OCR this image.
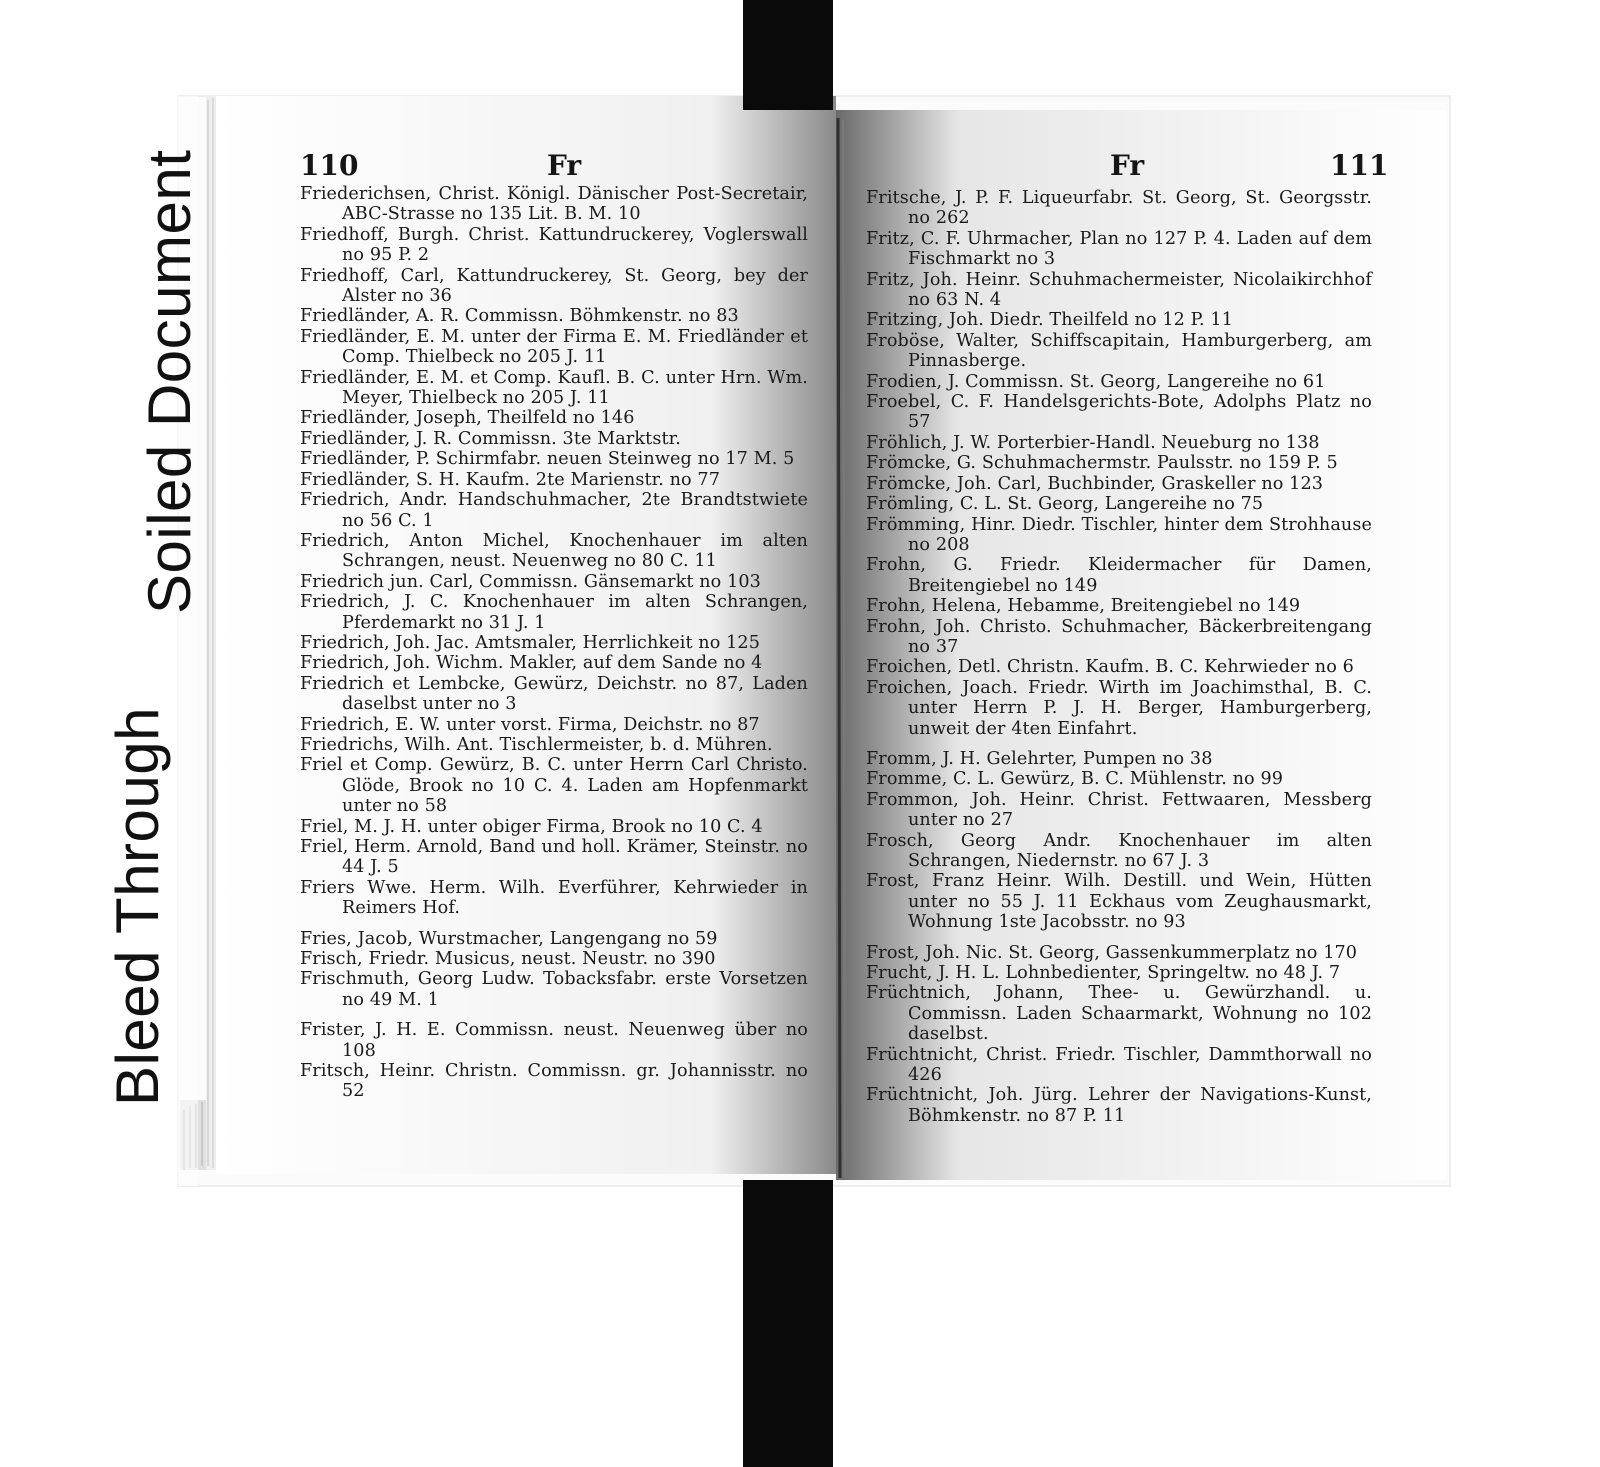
Bleed Through
Soiled Document	110	Fr	Fr	111
Friederichsen, Christ. Königl. Dänischer Post-Secretair, ABC-Strasse no 135 Lit. B. M. 10
Friedhoff, Burgh. Christ. Kattundruckerey, Voglerswall no 95 P. 2
Friedhoff, Carl, Kattundruckerey, St. Georg, bey der Alster no 36
Friedländer, A. R. Commissn. Böhmkenstr. no 83
Friedländer, E. M. unter der Firma E. M. Friedländer et Comp. Thielbeck no 205 J. 11
Friedländer, E. M. et Comp. Kaufl. B. C. unter Hrn. Wm. Meyer, Thielbeck no 205 J. 11
Friedländer, Joseph, Theilfeld no 146
Friedländer, J. R. Commissn. 3te Marktstr.
Friedländer, P. Schirmfabr. neuen Steinweg no 17 M. 5
Friedländer, S. H. Kaufm. 2te Marienstr. no 77
Friedrich, Andr. Handschuhmacher, 2te Brandtstwiete no 56 C. 1
Friedrich, Anton Michel, Knochenhauer im alten Schrangen, neust. Neuenweg no 80 C. 11
Friedrich jun. Carl, Commissn. Gänsemarkt no 103
Friedrich, J. C. Knochenhauer im alten Schrangen, Pferdemarkt no 31 J. 1
Friedrich, Joh. Jac. Amtsmaler, Herrlichkeit no 125
Friedrich, Joh. Wichm. Makler, auf dem Sande no 4
Friedrich et Lembcke, Gewürz, Deichstr. no 87, Laden daselbst unter no 3
Friedrich, E. W. unter vorst. Firma, Deichstr. no 87
Friedrichs, Wilh. Ant. Tischlermeister, b. d. Mühren.
Friel et Comp. Gewürz, B. C. unter Herrn Carl Christo. Glöde, Brook no 10 C. 4. Laden am Hopfenmarkt unter no 58
Friel, M. J. H. unter obiger Firma, Brook no 10 C. 4
Friel, Herm. Arnold, Band und holl. Krämer, Steinstr. no 44 J. 5
Friers Wwe. Herm. Wilh. Everführer, Kehrwieder in Reimers Hof.
Fries, Jacob, Wurstmacher, Langengang no 59
Frisch, Friedr. Musicus, neust. Neustr. no 390
Frischmuth, Georg Ludw. Tobacksfabr. erste Vorsetzen no 49 M. 1
Frister, J. H. E. Commissn. neust. Neuenweg über no 108
Fritsch, Heinr. Christn. Commissn. gr. Johannisstr. no 52
Fritsche, J. P. F. Liqueurfabr. St. Georg, St. Georgsstr. no 262
Fritz, C. F. Uhrmacher, Plan no 127 P. 4. Laden auf dem Fischmarkt no 3
Fritz, Joh. Heinr. Schuhmachermeister, Nicolaikirchhof no 63 N. 4
Fritzing, Joh. Diedr. Theilfeld no 12 P. 11
Froböse, Walter, Schiffscapitain, Hamburgerberg, am Pinnasberge.
Frodien, J. Commissn. St. Georg, Langereihe no 61
Froebel, C. F. Handelsgerichts-Bote, Adolphs Platz no 57
Fröhlich, J. W. Porterbier-Handl. Neueburg no 138
Frömcke, G. Schuhmachermstr. Paulsstr. no 159 P. 5
Frömcke, Joh. Carl, Buchbinder, Graskeller no 123
Frömling, C. L. St. Georg, Langereihe no 75
Frömming, Hinr. Diedr. Tischler, hinter dem Strohhause no 208
Frohn, G. Friedr. Kleidermacher für Damen, Breitengiebel no 149
Frohn, Helena, Hebamme, Breitengiebel no 149
Frohn, Joh. Christo. Schuhmacher, Bäckerbreitengang no 37
Froichen, Detl. Christn. Kaufm. B. C. Kehrwieder no 6
Froichen, Joach. Friedr. Wirth im Joachimsthal, B. C. unter Herrn P. J. H. Berger, Hamburgerberg, unweit der 4ten Einfahrt.
Fromm, J. H. Gelehrter, Pumpen no 38
Fromme, C. L. Gewürz, B. C. Mühlenstr. no 99
Frommon, Joh. Heinr. Christ. Fettwaaren, Messberg unter no 27
Frosch, Georg Andr. Knochenhauer im alten Schrangen, Niedernstr. no 67 J. 3
Frost, Franz Heinr. Wilh. Destill. und Wein, Hütten unter no 55 J. 11 Eckhaus vom Zeughausmarkt, Wohnung 1ste Jacobsstr. no 93
Frost, Joh. Nic. St. Georg, Gassenkummerplatz no 170
Frucht, J. H. L. Lohnbedienter, Springeltw. no 48 J. 7
Früchtnich, Johann, Thee- u. Gewürzhandl. u. Commissn. Laden Schaarmarkt, Wohnung no 102 daselbst.
Früchtnicht, Christ. Friedr. Tischler, Dammthorwall no 426
Früchtnicht, Joh. Jürg. Lehrer der Navigations-Kunst, Böhmkenstr. no 87 P. 11
